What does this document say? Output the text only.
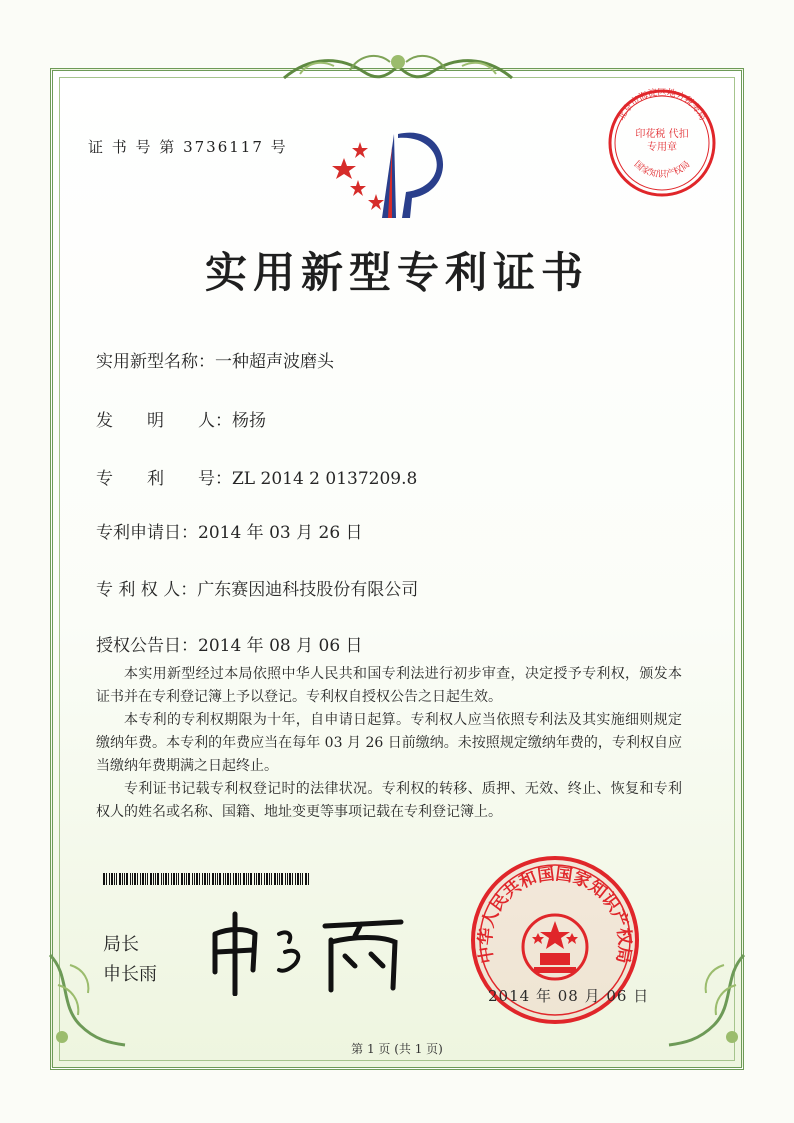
证 书 号 第 3736117 号
实用新型专利证书
实用新型名称：一种超声波磨头
发　　明　　人：杨扬
专　　利　　号：ZL 2014 2 0137209.8
专利申请日：2014 年 03 月 26 日
专 利 权 人：广东赛因迪科技股份有限公司
授权公告日：2014 年 08 月 06 日

本实用新型经过本局依照中华人民共和国专利法进行初步审查，决定授予专利权，颁发本证书并在专利登记簿上予以登记。专利权自授权公告之日起生效。

本专利的专利权期限为十年，自申请日起算。专利权人应当依照专利法及其实施细则规定缴纳年费。本专利的年费应当在每年 03 月 26 日前缴纳。未按照规定缴纳年费的，专利权自应当缴纳年费期满之日起终止。

专利证书记载专利权登记时的法律状况。专利权的转移、质押、无效、终止、恢复和专利权人的姓名或名称、国籍、地址变更等事项记载在专利登记簿上。

局长
申长雨
北京市海淀区地方税务局
印花税 代扣专用章
国家知识产权局
中华人民共和国国家知识产权局
2014 年 08 月 06 日
第 1 页 (共 1 页)
